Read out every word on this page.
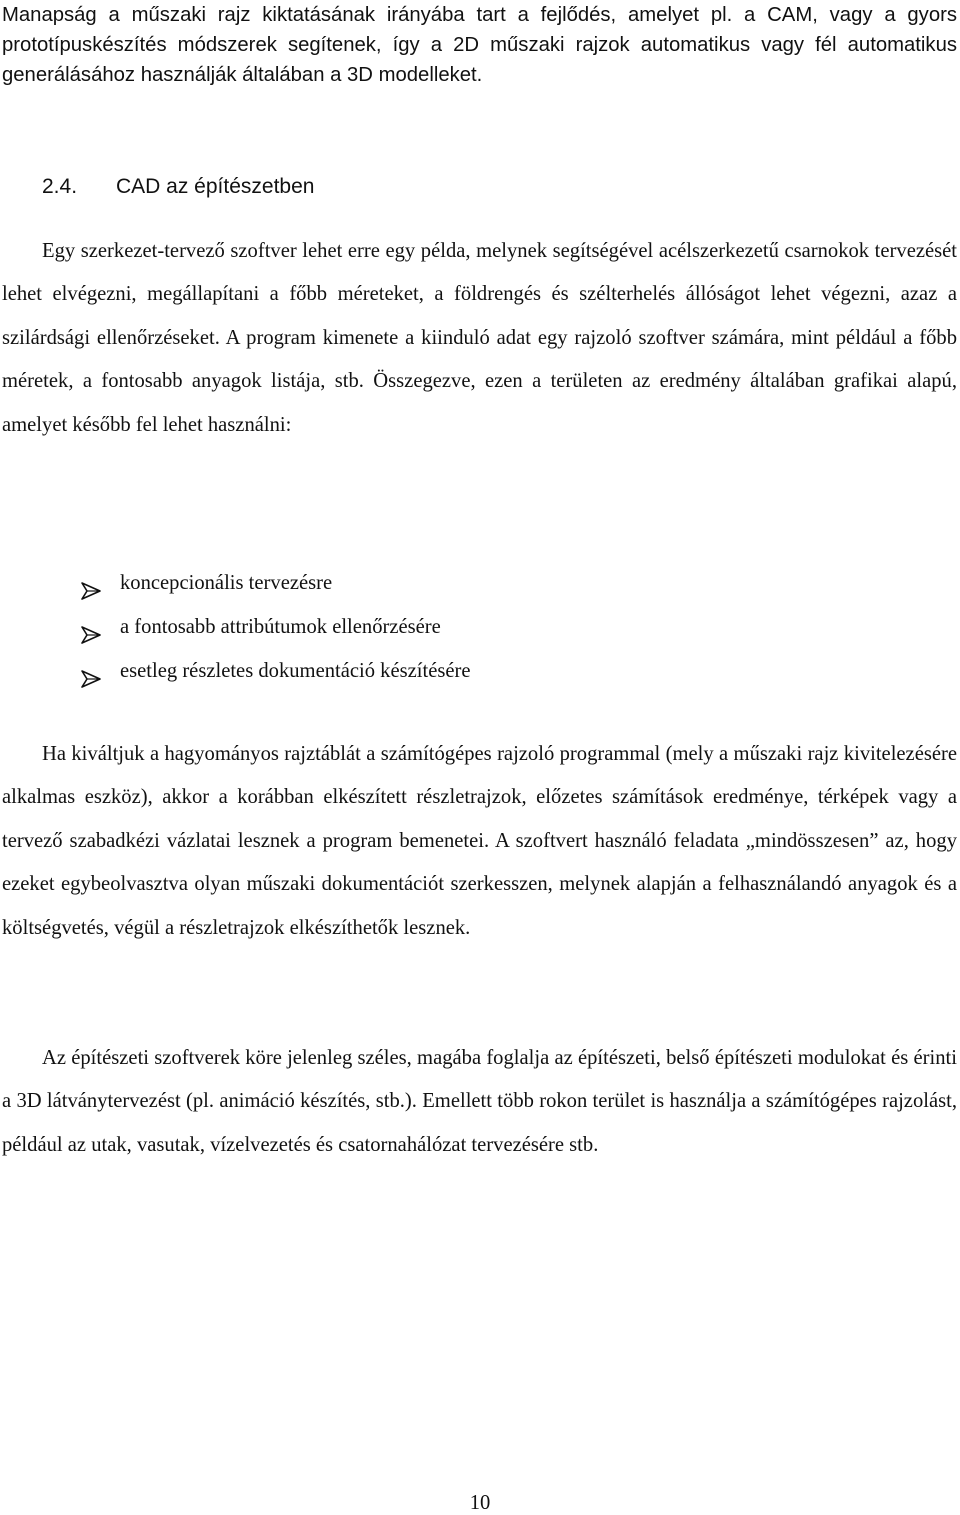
Manapság a műszaki rajz kiktatásának irányába tart a fejlődés, amelyet pl. a CAM, vagy a gyors prototípuskészítés módszerek segítenek, így a 2D műszaki rajzok automatikus vagy fél automatikus generálásához használják általában a 3D modelleket.

2.4. CAD az építészetben

Egy szerkezet-tervező szoftver lehet erre egy példa, melynek segítségével acélszerkezetű csarnokok tervezését lehet elvégezni, megállapítani a főbb méreteket, a földrengés és szélterhelés állóságot lehet végezni, azaz a szilárdsági ellenőrzéseket. A program kimenete a kiinduló adat egy rajzoló szoftver számára, mint például a főbb méretek, a fontosabb anyagok listája, stb. Összegezve, ezen a területen az eredmény általában grafikai alapú, amelyet később fel lehet használni:

koncepcionális tervezésre
a fontosabb attribútumok ellenőrzésére
esetleg részletes dokumentáció készítésére

Ha kiváltjuk a hagyományos rajztáblát a számítógépes rajzoló programmal (mely a műszaki rajz kivitelezésére alkalmas eszköz), akkor a korábban elkészített részletrajzok, előzetes számítások eredménye, térképek vagy a tervező szabadkézi vázlatai lesznek a program bemenetei. A szoftvert használó feladata „mindösszesen” az, hogy ezeket egybeolvasztva olyan műszaki dokumentációt szerkesszen, melynek alapján a felhasználandó anyagok és a költségvetés, végül a részletrajzok elkészíthetők lesznek.

Az építészeti szoftverek köre jelenleg széles, magába foglalja az építészeti, belső építészeti modulokat és érinti a 3D látványtervezést (pl. animáció készítés, stb.). Emellett több rokon terület is használja a számítógépes rajzolást, például az utak, vasutak, vízelvezetés és csatornahálózat tervezésére stb.

10
